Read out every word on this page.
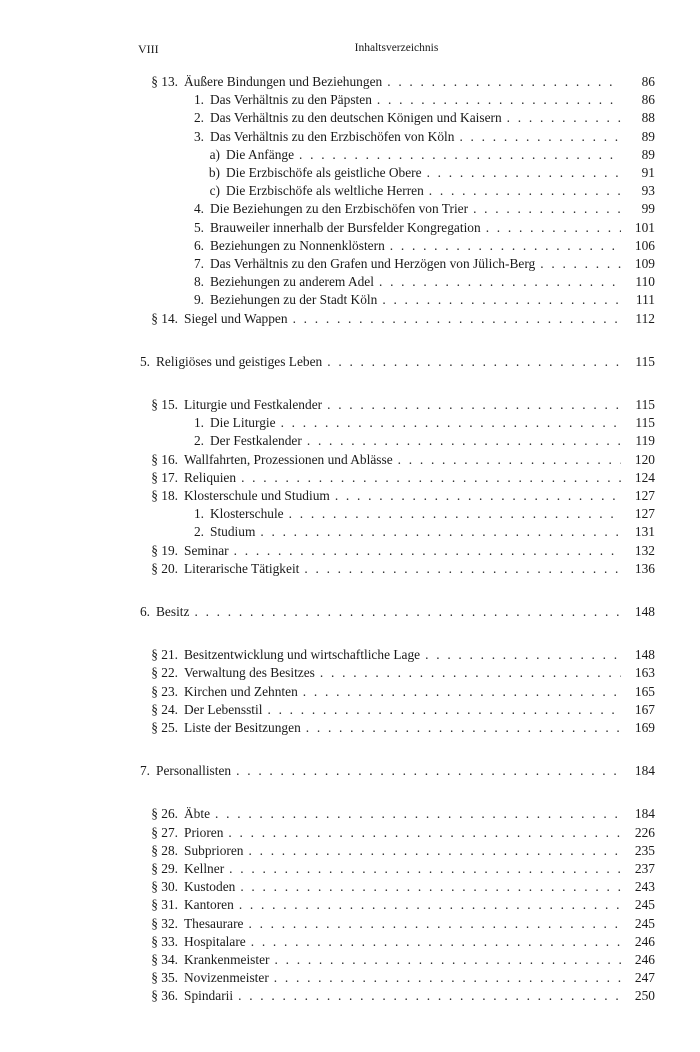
VIII	Inhaltsverzeichnis
§ 13. Äußere Bindungen und Beziehungen . . .	86
1. Das Verhältnis zu den Päpsten . . .	86
2. Das Verhältnis zu den deutschen Königen und Kaisern . . .	88
3. Das Verhältnis zu den Erzbischöfen von Köln . . .	89
a) Die Anfänge . . .	89
b) Die Erzbischöfe als geistliche Obere . . .	91
c) Die Erzbischöfe als weltliche Herren . . .	93
4. Die Beziehungen zu den Erzbischöfen von Trier . . .	99
5. Brauweiler innerhalb der Bursfelder Kongregation . . .	101
6. Beziehungen zu Nonnenklöstern . . .	106
7. Das Verhältnis zu den Grafen und Herzögen von Jülich-Berg . . .	109
8. Beziehungen zu anderem Adel . . .	110
9. Beziehungen zu der Stadt Köln . . .	111
§ 14. Siegel und Wappen . . .	112
5. Religiöses und geistiges Leben . . .	115
§ 15. Liturgie und Festkalender . . .	115
1. Die Liturgie . . .	115
2. Der Festkalender . . .	119
§ 16. Wallfahrten, Prozessionen und Ablässe . . .	120
§ 17. Reliquien . . .	124
§ 18. Klosterschule und Studium . . .	127
1. Klosterschule . . .	127
2. Studium . . .	131
§ 19. Seminar . . .	132
§ 20. Literarische Tätigkeit . . .	136
6. Besitz . . .	148
§ 21. Besitzentwicklung und wirtschaftliche Lage . . .	148
§ 22. Verwaltung des Besitzes . . .	163
§ 23. Kirchen und Zehnten . . .	165
§ 24. Der Lebensstil . . .	167
§ 25. Liste der Besitzungen . . .	169
7. Personallisten . . .	184
§ 26. Äbte . . .	184
§ 27. Prioren . . .	226
§ 28. Subprioren . . .	235
§ 29. Kellner . . .	237
§ 30. Kustoden . . .	243
§ 31. Kantoren . . .	245
§ 32. Thesaurare . . .	245
§ 33. Hospitalare . . .	246
§ 34. Krankenmeister . . .	246
§ 35. Novizenmeister . . .	247
§ 36. Spindarii . . .	250
